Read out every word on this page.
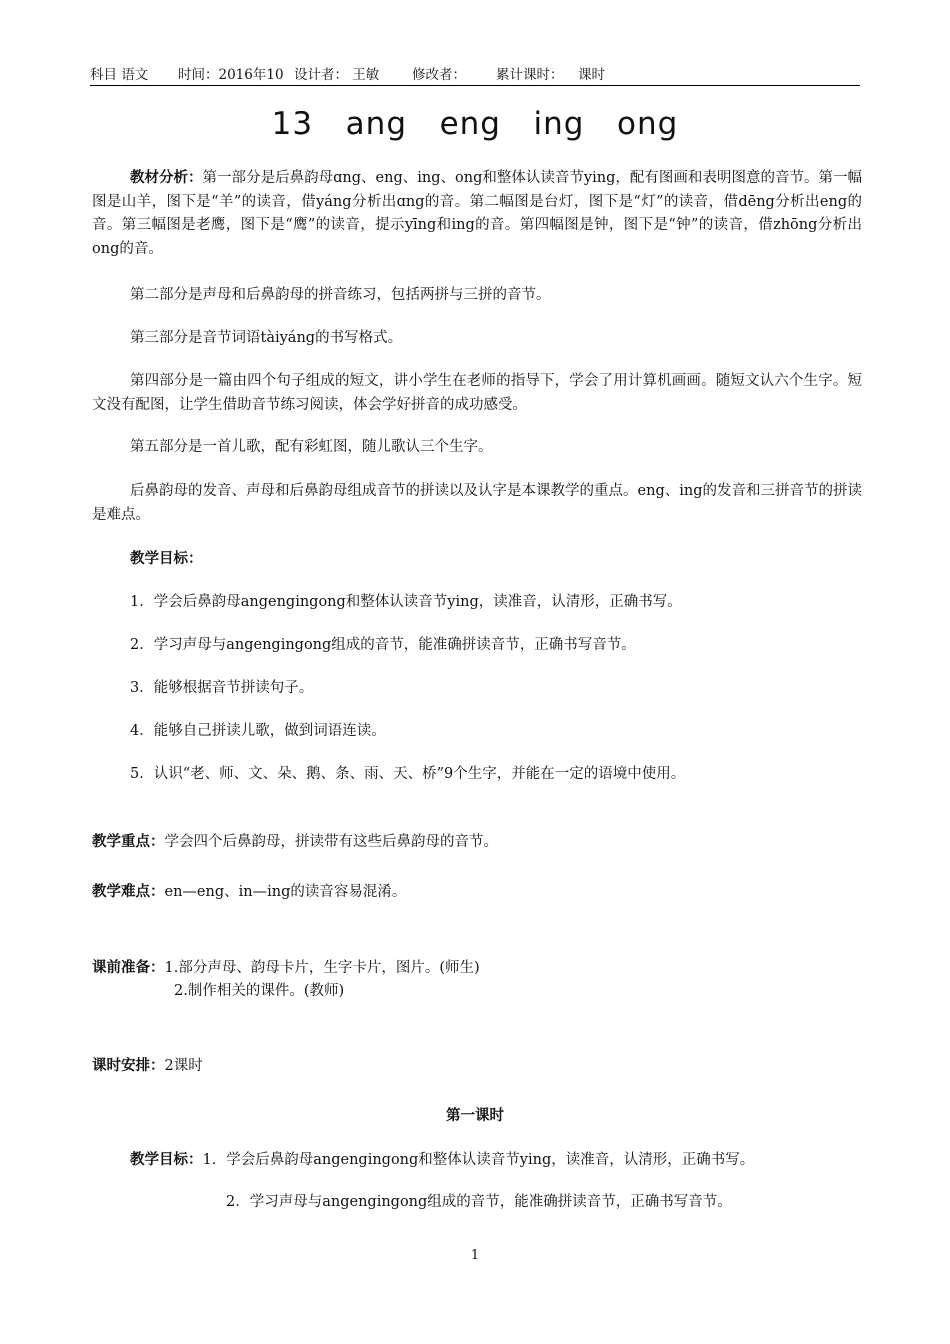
科目 语文 时间：2016年10 设计者： 王敏 修改者： 累计课时： 课时
13   ang   eng   ing   ong
教材分析：第一部分是后鼻韵母ɑng、eng、ing、ong和整体认读音节ying，配有图画和表明图意的音节。第一幅图是山羊，图下是“羊”的读音，借yáng分析出ɑng的音。第二幅图是台灯，图下是“灯”的读音，借dēng分析出eng的音。第三幅图是老鹰，图下是“鹰”的读音，提示yīng和ing的音。第四幅图是钟，图下是“钟”的读音，借zhōng分析出ong的音。
第二部分是声母和后鼻韵母的拼音练习，包括两拼与三拼的音节。
第三部分是音节词语tàiyáng的书写格式。
第四部分是一篇由四个句子组成的短文，讲小学生在老师的指导下，学会了用计算机画画。随短文认六个生字。短文没有配图，让学生借助音节练习阅读，体会学好拼音的成功感受。
第五部分是一首儿歌，配有彩虹图，随儿歌认三个生字。
后鼻韵母的发音、声母和后鼻韵母组成音节的拼读以及认字是本课教学的重点。eng、ing的发音和三拼音节的拼读是难点。
教学目标：
1．学会后鼻韵母angengingong和整体认读音节ying，读准音，认清形，正确书写。
2．学习声母与angengingong组成的音节，能准确拼读音节，正确书写音节。
3．能够根据音节拼读句子。
4．能够自己拼读儿歌，做到词语连读。
5．认识“老、师、文、朵、鹅、条、雨、天、桥”9个生字，并能在一定的语境中使用。
教学重点：学会四个后鼻韵母，拼读带有这些后鼻韵母的音节。
教学难点：en—eng、in—ing的读音容易混淆。
课前准备：1.部分声母、韵母卡片，生字卡片，图片。(师生)
2.制作相关的课件。(教师)
课时安排：2课时
第一课时
教学目标：1．学会后鼻韵母angengingong和整体认读音节ying，读准音，认清形，正确书写。
2．学习声母与angengingong组成的音节，能准确拼读音节，正确书写音节。
1
